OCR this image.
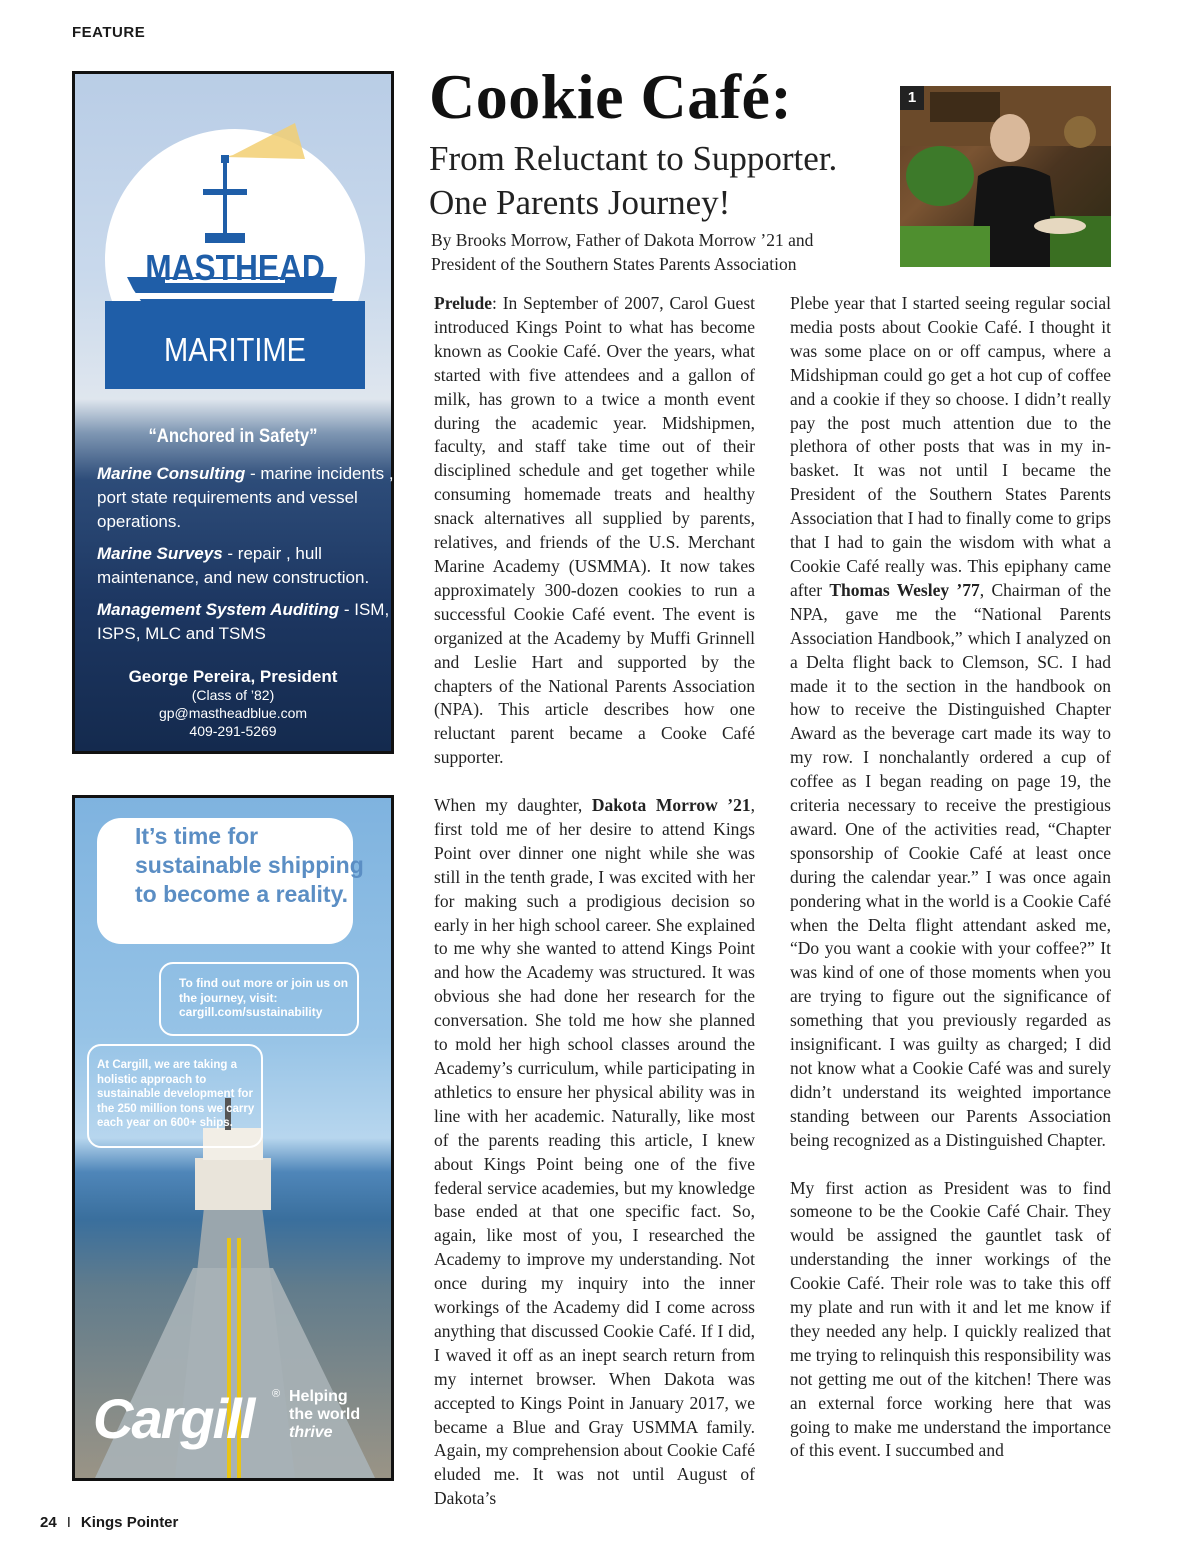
FEATURE
MASTHEAD
MARITIME
“Anchored in Safety”
Marine Consulting - marine incidents , port state requirements and vessel operations.
Marine Surveys - repair , hull maintenance, and new construction.
Management System Auditing - ISM, ISPS, MLC and TSMS
George Pereira, President
(Class of ’82)
gp@mastheadblue.com
409-291-5269
It’s time for sustainable shipping to become a reality.
To find out more or join us on the journey, visit: cargill.com/sustainability
At Cargill, we are taking a holistic approach to sustainable development for the 250 million tons we carry each year on 600+ ships.
Cargill ® Helping
the world
thrive
Cookie Café:
From Reluctant to Supporter.
One Parents Journey!
By Brooks Morrow, Father of Dakota Morrow ’21 and
President of the Southern States Parents Association
1

Prelude: In September of 2007, Carol Guest introduced Kings Point to what has become known as Cookie Café. Over the years, what started with five attendees and a gallon of milk, has grown to a twice a month event during the academic year. Midshipmen, faculty, and staff take time out of their disciplined schedule and get together while consuming homemade treats and healthy snack alternatives all supplied by parents, relatives, and friends of the U.S. Merchant Marine Academy (USMMA). It now takes approximately 300-dozen cookies to run a successful Cookie Café event. The event is organized at the Academy by Muffi Grinnell and Leslie Hart and supported by the chapters of the National Parents Association (NPA). This article describes how one reluctant parent became a Cooke Café supporter.

When my daughter, Dakota Morrow ’21, first told me of her desire to attend Kings Point over dinner one night while she was still in the tenth grade, I was excited with her for making such a prodigious decision so early in her high school career. She explained to me why she wanted to attend Kings Point and how the Academy was structured. It was obvious she had done her research for the conversation. She told me how she planned to mold her high school classes around the Academy’s curriculum, while participating in athletics to ensure her physical ability was in line with her academic. Naturally, like most of the parents reading this article, I knew about Kings Point being one of the five federal service academies, but my knowledge base ended at that one specific fact. So, again, like most of you, I researched the Academy to improve my understanding. Not once during my inquiry into the inner workings of the Academy did I come across anything that discussed Cookie Café. If I did, I waved it off as an inept search return from my internet browser. When Dakota was accepted to Kings Point in January 2017, we became a Blue and Gray USMMA family. Again, my comprehension about Cookie Café eluded me. It was not until August of Dakota’s

Plebe year that I started seeing regular social media posts about Cookie Café. I thought it was some place on or off campus, where a Midshipman could go get a hot cup of coffee and a cookie if they so choose. I didn’t really pay the post much attention due to the plethora of other posts that was in my in-basket. It was not until I became the President of the Southern States Parents Association that I had to finally come to grips that I had to gain the wisdom with what a Cookie Café really was. This epiphany came after Thomas Wesley ’77, Chairman of the NPA, gave me the “National Parents Association Handbook,” which I analyzed on a Delta flight back to Clemson, SC. I had made it to the section in the handbook on how to receive the Distinguished Chapter Award as the beverage cart made its way to my row. I nonchalantly ordered a cup of coffee as I began reading on page 19, the criteria necessary to receive the prestigious award. One of the activities read, “Chapter sponsorship of Cookie Café at least once during the calendar year.” I was once again pondering what in the world is a Cookie Café when the Delta flight attendant asked me, “Do you want a cookie with your coffee?” It was kind of one of those moments when you are trying to figure out the significance of something that you previously regarded as insignificant. I was guilty as charged; I did not know what a Cookie Café was and surely didn’t understand its weighted importance standing between our Parents Association being recognized as a Distinguished Chapter.

My first action as President was to find someone to be the Cookie Café Chair. They would be assigned the gauntlet task of understanding the inner workings of the Cookie Café. Their role was to take this off my plate and run with it and let me know if they needed any help. I quickly realized that me trying to relinquish this responsibility was not getting me out of the kitchen! There was an external force working here that was going to make me understand the importance of this event. I succumbed and

24 I Kings Pointer
